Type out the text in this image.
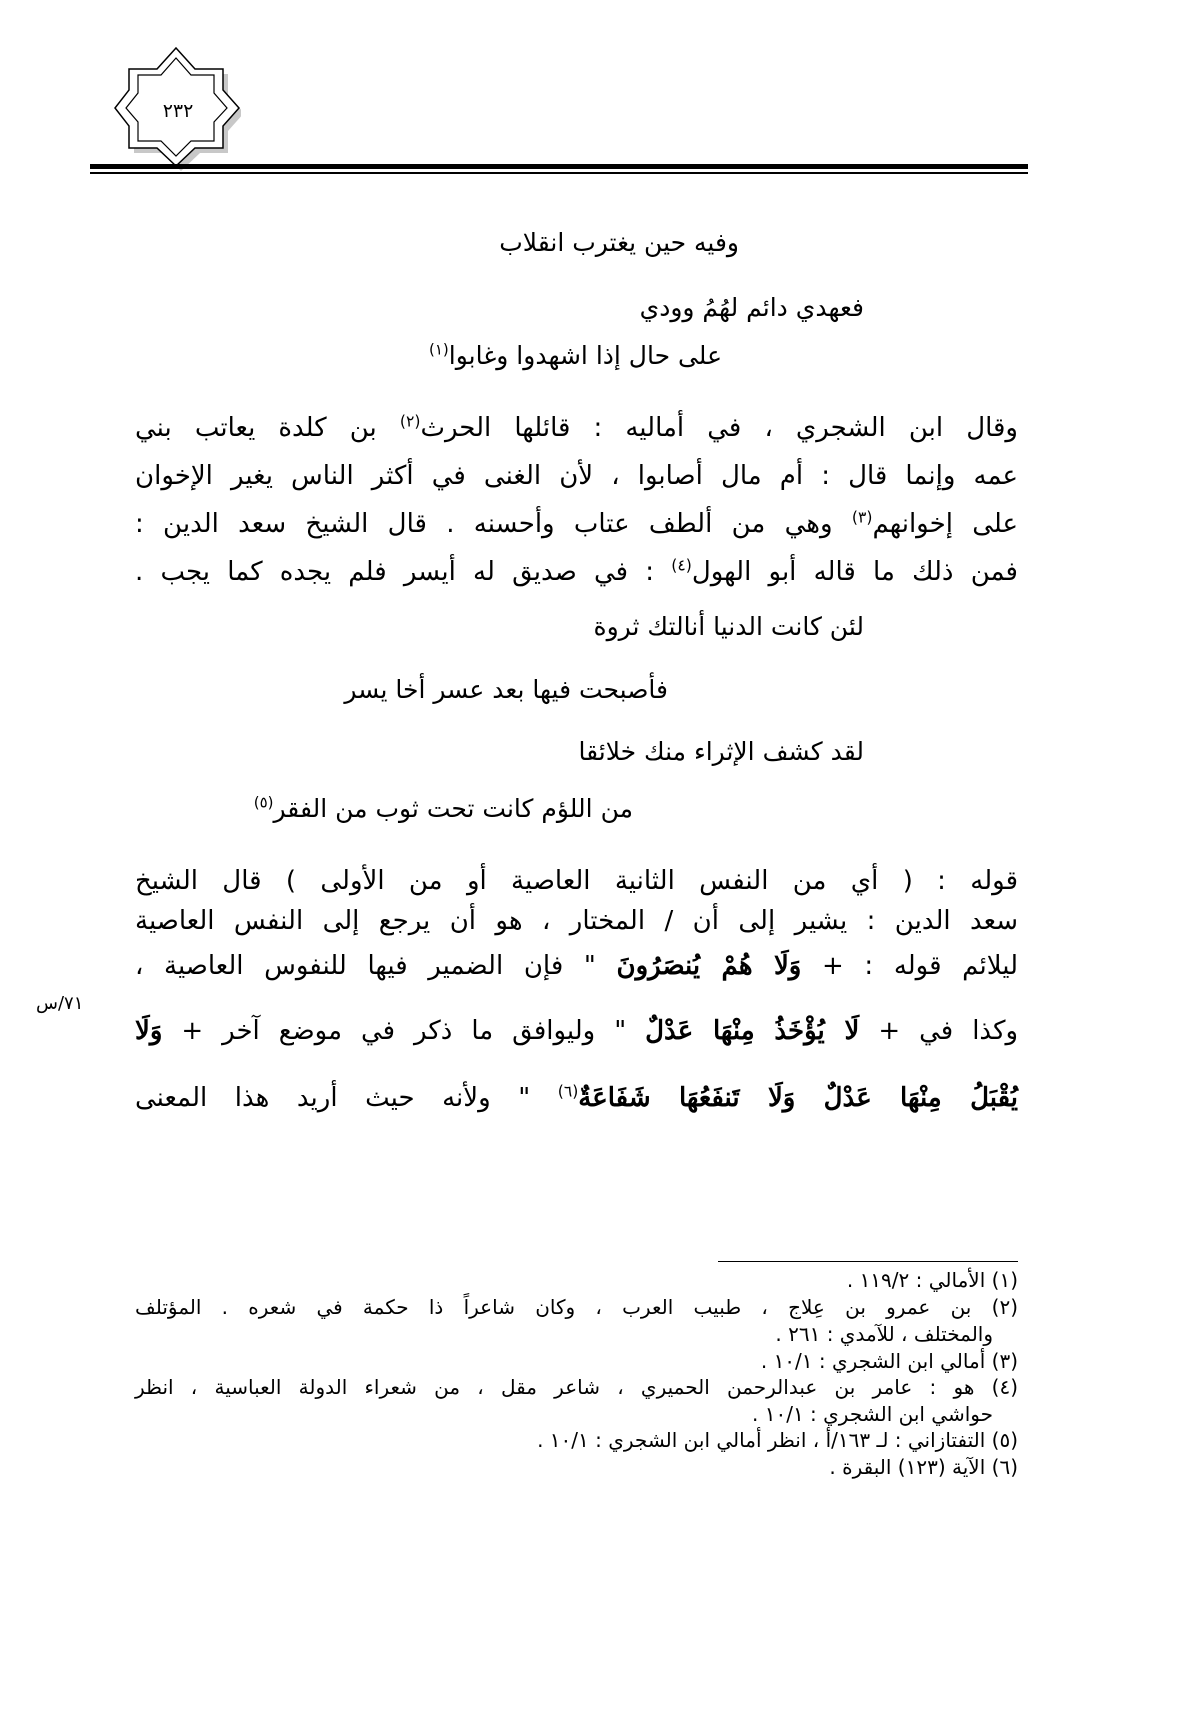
٢٣٢
وفيه حين يغترب انقلاب
فعهدي دائم لهُمُ وودي
على حال إذا اشهدوا وغابوا$^{(١)}$
وقال ابن الشجري ، في أماليه : قائلها الحرث$^{(٢)}$ بن كلدة يعاتب بني
عمه وإنما قال : أم مال أصابوا ، لأن الغنى في أكثر الناس يغير الإخوان
على إخوانهم$^{(٣)}$ وهي من ألطف عتاب وأحسنه . قال الشيخ سعد الدين :
فمن ذلك ما قاله أبو الهول$^{(٤)}$ : في صديق له أيسر فلم يجده كما يجب .
لئن كانت الدنيا أنالتك ثروة
فأصبحت فيها بعد عسر أخا يسر
لقد كشف الإثراء منك خلائقا
من اللؤم كانت تحت ثوب من الفقر$^{(٥)}$
قوله : ( أي من النفس الثانية العاصية أو من الأولى ) قال الشيخ
سعد الدين : يشير إلى أن / المختار ، هو أن يرجع إلى النفس العاصية
ليلائم قوله : + وَلَا هُمْ يُنصَرُونَ " فإن الضمير فيها للنفوس العاصية ،
وكذا في + لَا يُؤْخَذُ مِنْهَا عَدْلٌ " وليوافق ما ذكر في موضع آخر + وَلَا
يُقْبَلُ مِنْهَا عَدْلٌ وَلَا تَنفَعُهَا شَفَاعَةٌ$^{(٦)}$ " ولأنه حيث أريد هذا المعنى
٧١/س
(١) الأمالي : ١١٩/٢ .
(٢) بن عمرو بن عِلاج ، طبيب العرب ، وكان شاعراً ذا حكمة في شعره . المؤتلف
والمختلف ، للآمدي : ٢٦١ .
(٣) أمالي ابن الشجري : ١٠/١ .
(٤) هو : عامر بن عبدالرحمن الحميري ، شاعر مقل ، من شعراء الدولة العباسية ، انظر
حواشي ابن الشجري : ١٠/١ .
(٥) التفتازاني : لـ ١٦٣/أ ، انظر أمالي ابن الشجري : ١٠/١ .
(٦) الآية (١٢٣) البقرة .
